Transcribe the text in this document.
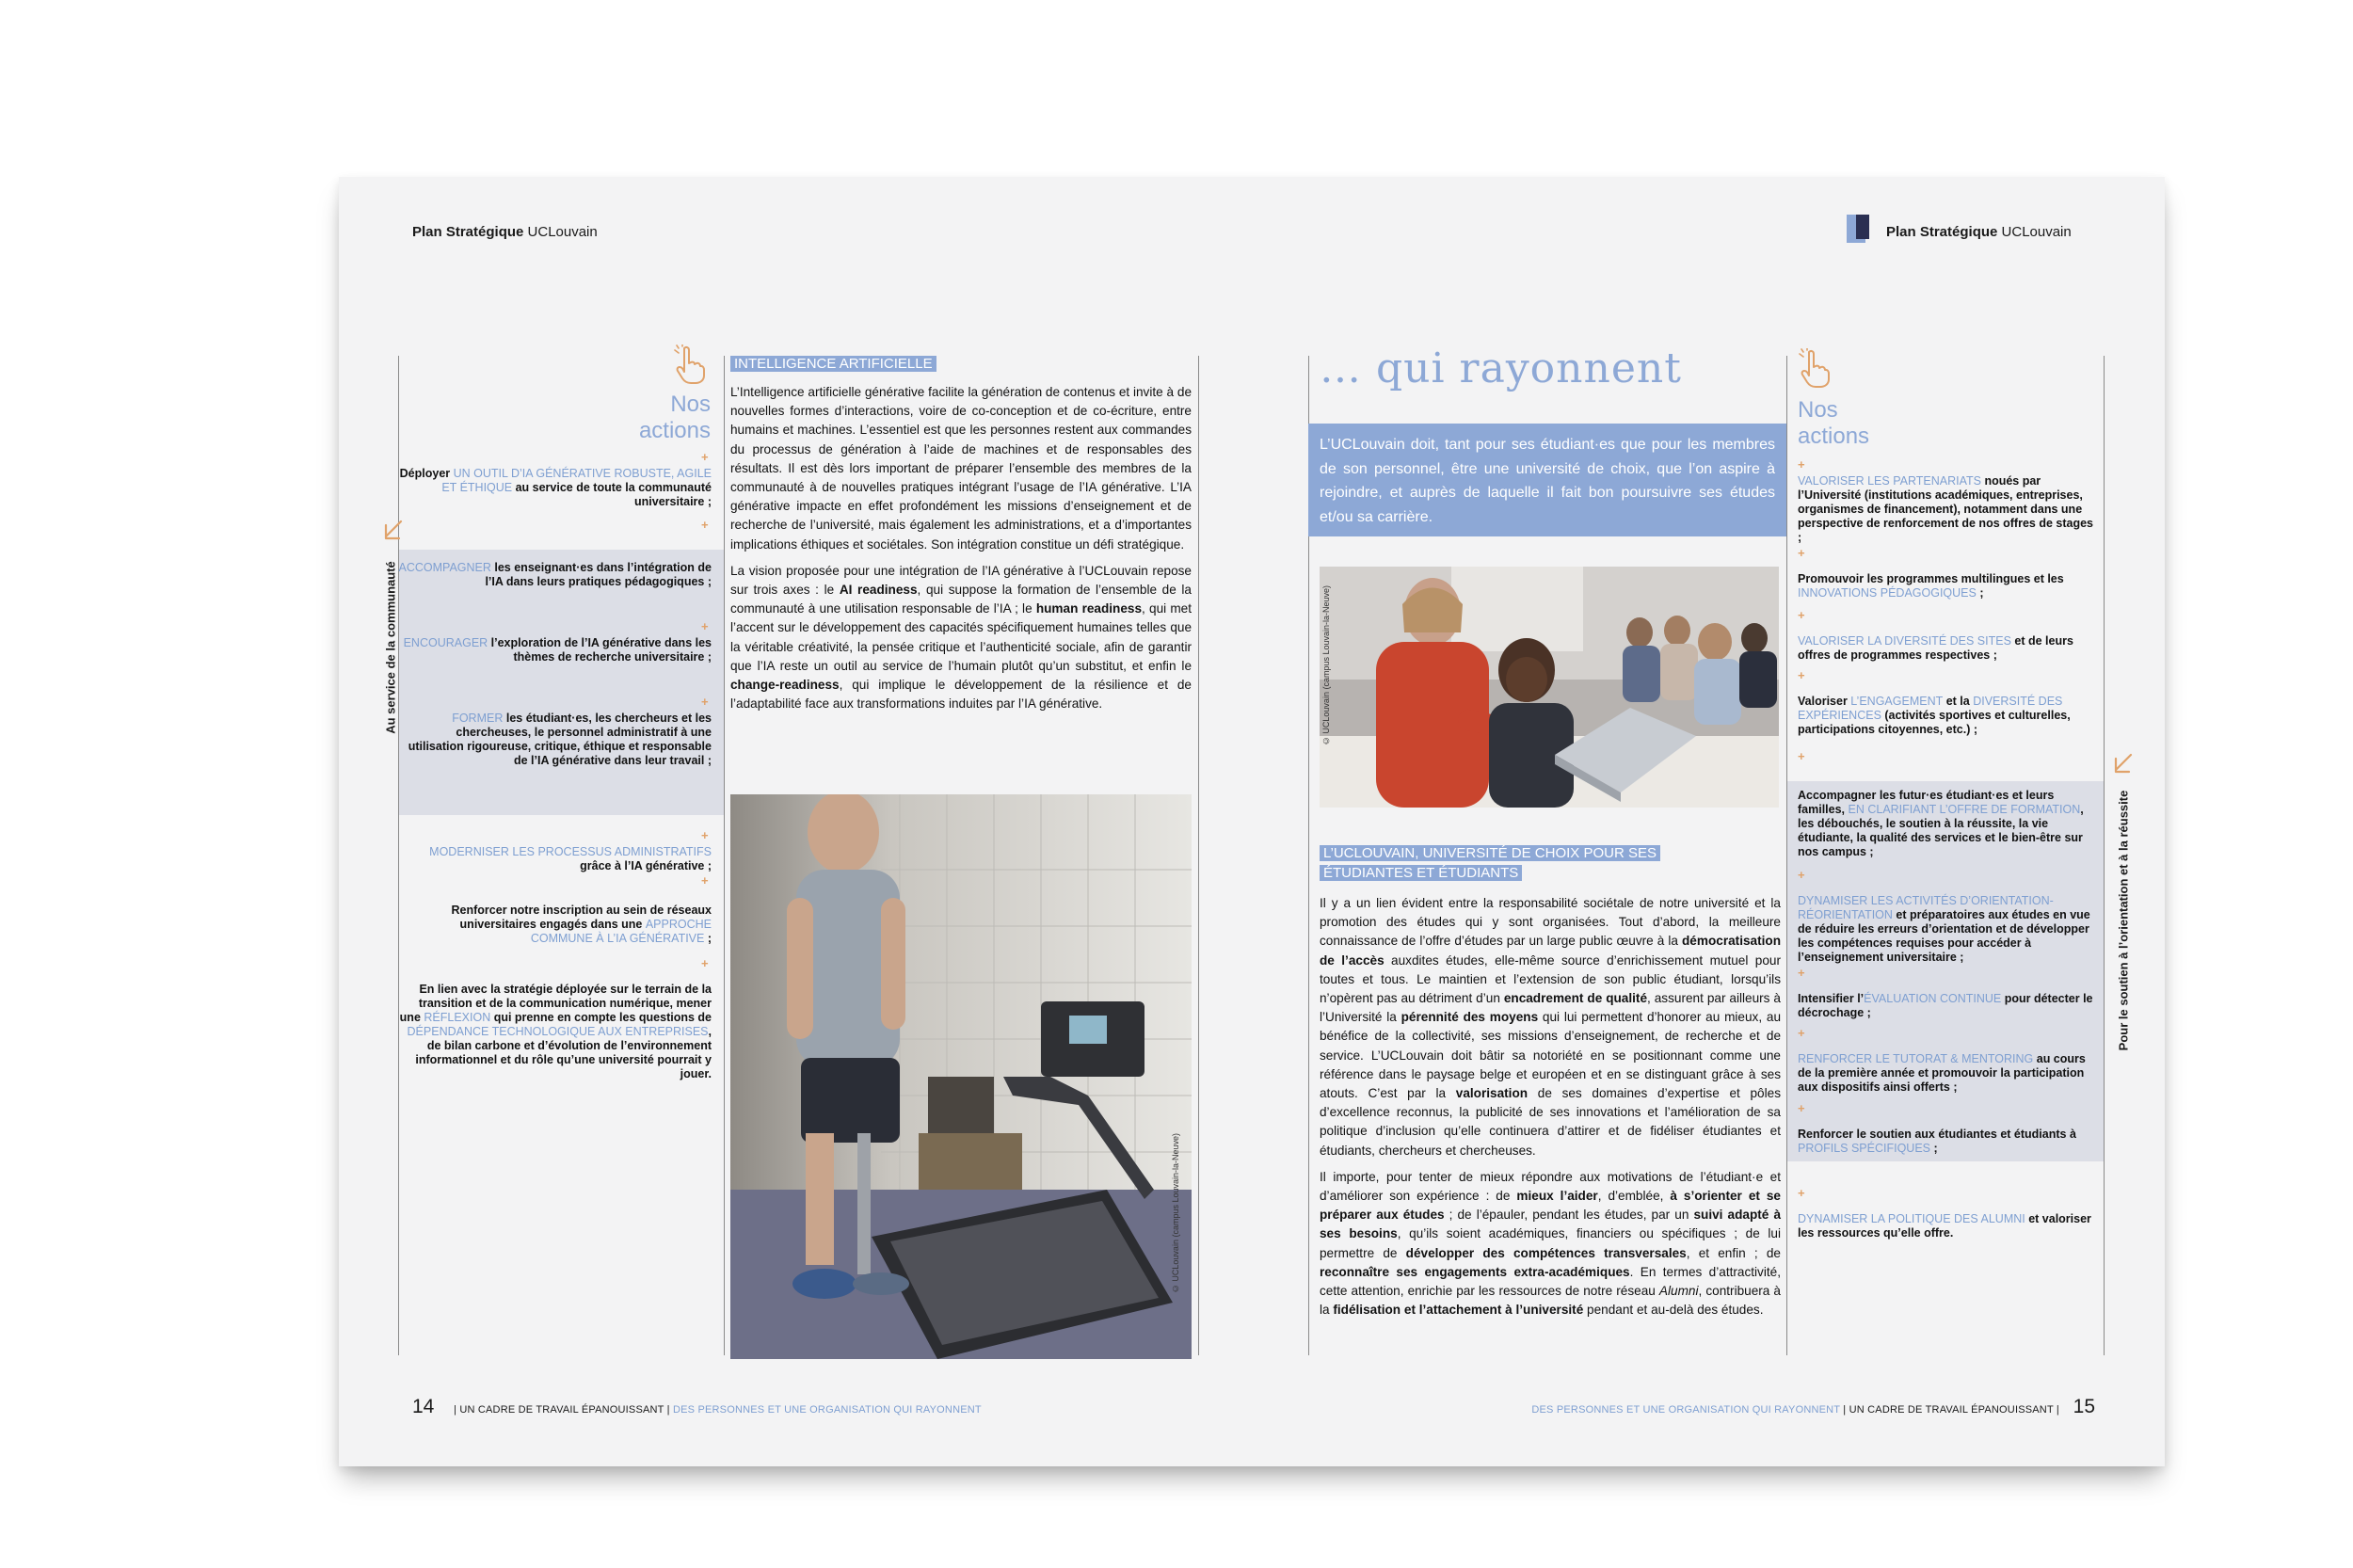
Plan Stratégique UCLouvain	Plan Stratégique UCLouvain
Au service de la communauté
Nos
actions
+
Déployer UN OUTIL D’IA GÉNÉRATIVE ROBUSTE, AGILE ET ÉTHIQUE au service de toute la communauté universitaire ;
+
ACCOMPAGNER les enseignant·es dans l’intégration de l’IA dans leurs pratiques pédagogiques ;
+
ENCOURAGER l’exploration de l’IA générative dans les thèmes de recherche universitaire ;
+
FORMER les étudiant·es, les chercheurs et les chercheuses, le personnel administratif à une utilisation rigoureuse, critique, éthique et responsable de l’IA générative dans leur travail ;
+
MODERNISER LES PROCESSUS ADMINISTRATIFS grâce à l’IA générative ;
+
Renforcer notre inscription au sein de réseaux universitaires engagés dans une APPROCHE COMMUNE À L’IA GÉNÉRATIVE ;
+
En lien avec la stratégie déployée sur le terrain de la transition et de la communication numérique, mener une RÉFLEXION qui prenne en compte les questions de DÉPENDANCE TECHNOLOGIQUE AUX ENTREPRISES, de bilan carbone et d’évolution de l’environnement informationnel et du rôle qu’une université pourrait y jouer.
INTELLIGENCE ARTIFICIELLE

L’Intelligence artificielle générative facilite la génération de contenus et invite à de nouvelles formes d’interactions, voire de co-conception et de co-écriture, entre humains et machines. L’essentiel est que les personnes restent aux commandes du processus de génération à l’aide de machines et de responsables des résultats. Il est dès lors important de préparer l’ensemble des membres de la communauté à de nouvelles pratiques intégrant l’usage de l’IA générative. L’IA générative impacte en effet profondément les missions d’enseignement et de recherche de l’université, mais également les administrations, et a d’importantes implications éthiques et sociétales. Son intégration constitue un défi stratégique.

La vision proposée pour une intégration de l’IA générative à l’UCLouvain repose sur trois axes : le AI readiness, qui suppose la formation de l’ensemble de la communauté à une utilisation responsable de l’IA ; le human readiness, qui met l’accent sur le développement des capacités spécifiquement humaines telles que la véritable créativité, la pensée critique et l’authenticité sociale, afin de garantir que l’IA reste un outil au service de l’humain plutôt qu’un substitut, et enfin le change-readiness, qui implique le développement de la résilience et de l’adaptabilité face aux transformations induites par l’IA générative.

© UCLouvain (campus Louvain-la-Neuve)
… qui rayonnent
L’UCLouvain doit, tant pour ses étudiant·es que pour les membres de son personnel, être une université de choix, que l’on aspire à rejoindre, et auprès de laquelle il fait bon poursuivre ses études et/ou sa carrière.
© UCLouvain (campus Louvain-la-Neuve)
L’UCLOUVAIN, UNIVERSITÉ DE CHOIX POUR SES
ÉTUDIANTES ET ÉTUDIANTS

Il y a un lien évident entre la responsabilité sociétale de notre université et la promotion des études qui y sont organisées. Tout d’abord, la meilleure connaissance de l’offre d’études par un large public œuvre à la démocratisation de l’accès auxdites études, elle-même source d’enrichissement mutuel pour toutes et tous. Le maintien et l’extension de son public étudiant, lorsqu’ils n’opèrent pas au détriment d’un encadrement de qualité, assurent par ailleurs à l’Université la pérennité des moyens qui lui permettent d’honorer au mieux, au bénéfice de la collectivité, ses missions d’enseignement, de recherche et de service. L’UCLouvain doit bâtir sa notoriété en se positionnant comme une référence dans le paysage belge et européen et en se distinguant grâce à ses atouts. C’est par la valorisation de ses domaines d’expertise et pôles d’excellence reconnus, la publicité de ses innovations et l’amélioration de sa politique d’inclusion qu’elle continuera d’attirer et de fidéliser étudiantes et étudiants, chercheurs et chercheuses.

Il importe, pour tenter de mieux répondre aux motivations de l’étudiant·e et d’améliorer son expérience : de mieux l’aider, d’emblée, à s’orienter et se préparer aux études ; de l’épauler, pendant les études, par un suivi adapté à ses besoins, qu’ils soient académiques, financiers ou spécifiques ; de lui permettre de développer des compétences transversales, et enfin ; de reconnaître ses engagements extra-académiques. En termes d’attractivité, cette attention, enrichie par les ressources de notre réseau Alumni, contribuera à la fidélisation et l’attachement à l’université pendant et au-delà des études.

Nos
actions
Pour le soutien à l’orientation et à la réussite
+
VALORISER LES PARTENARIATS noués par l’Université (institutions académiques, entreprises, organismes de financement), notamment dans une perspective de renforcement de nos offres de stages ;
+
Promouvoir les programmes multilingues et les INNOVATIONS PÉDAGOGIQUES ;
+
VALORISER LA DIVERSITÉ DES SITES et de leurs offres de programmes respectives ;
+
Valoriser L’ENGAGEMENT et la DIVERSITÉ DES EXPÉRIENCES (activités sportives et culturelles, participations citoyennes, etc.) ;
+
Accompagner les futur·es étudiant·es et leurs familles, EN CLARIFIANT L’OFFRE DE FORMATION, les débouchés, le soutien à la réussite, la vie étudiante, la qualité des services et le bien-être sur nos campus ;
+
DYNAMISER LES ACTIVITÉS D’ORIENTATION-RÉORIENTATION et préparatoires aux études en vue de réduire les erreurs d’orientation et de développer les compétences requises pour accéder à l’enseignement universitaire ;
+
Intensifier l’ÉVALUATION CONTINUE pour détecter le décrochage ;
+
RENFORCER LE TUTORAT & MENTORING au cours de la première année et promouvoir la participation aux dispositifs ainsi offerts ;
+
Renforcer le soutien aux étudiantes et étudiants à PROFILS SPÉCIFIQUES ;
+
DYNAMISER LA POLITIQUE DES ALUMNI et valoriser les ressources qu’elle offre.
14 | UN CADRE DE TRAVAIL ÉPANOUISSANT | DES PERSONNES ET UNE ORGANISATION QUI RAYONNENT	DES PERSONNES ET UNE ORGANISATION QUI RAYONNENT | UN CADRE DE TRAVAIL ÉPANOUISSANT | 15
